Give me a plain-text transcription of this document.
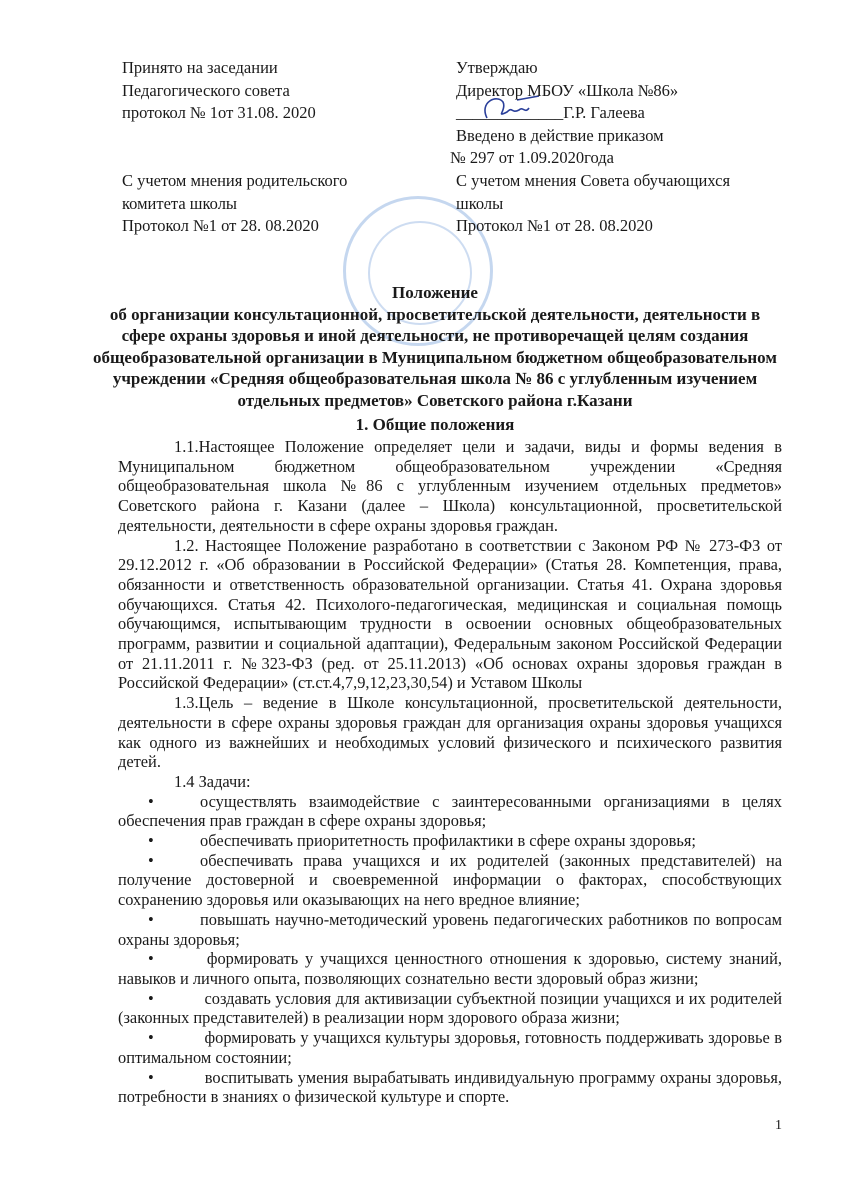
Принято на заседании
Педагогического совета
протокол № 1от 31.08. 2020
Утверждаю
Директор МБОУ «Школа №86»
_____________Г.Р. Галеева
Введено в действие приказом
№ 297 от 1.09.2020года
С учетом мнения родительского
комитета школы
Протокол №1 от 28. 08.2020
С учетом мнения Совета обучающихся
школы
Протокол №1 от 28. 08.2020
Положение
об организации консультационной, просветительской деятельности, деятельности в сфере охраны здоровья и иной деятельности, не противоречащей целям создания общеобразовательной организации в Муниципальном бюджетном общеобразовательном учреждении «Средняя общеобразовательная школа № 86 с углубленным изучением отдельных предметов» Советского района г.Казани
1. Общие положения

1.1.Настоящее Положение определяет цели и задачи, виды и формы ведения в Муниципальном бюджетном общеобразовательном учреждении «Средняя общеобразовательная школа №86 с углубленным изучением отдельных предметов» Советского района г. Казани (далее – Школа) консультационной, просветительской деятельности, деятельности в сфере охраны здоровья граждан.

1.2. Настоящее Положение разработано в соответствии с Законом РФ № 273-ФЗ от 29.12.2012 г. «Об образовании в Российской Федерации» (Статья 28. Компетенция, права, обязанности и ответственность образовательной организации. Статья 41. Охрана здоровья обучающихся. Статья 42. Психолого-педагогическая, медицинская и социальная помощь обучающимся, испытывающим трудности в освоении основных общеобразовательных программ, развитии и социальной адаптации), Федеральным законом Российской Федерации от 21.11.2011 г. №323-ФЗ (ред. от 25.11.2013) «Об основах охраны здоровья граждан в Российской Федерации» (ст.ст.4,7,9,12,23,30,54) и Уставом Школы

1.3.Цель – ведение в Школе консультационной, просветительской деятельности, деятельности в сфере охраны здоровья граждан для организация охраны здоровья учащихся как одного из важнейших и необходимых условий физического и психического развития детей.

1.4 Задачи:

•	осуществлять взаимодействие с заинтересованными организациями в целях обеспечения прав граждан в сфере охраны здоровья;

•	обеспечивать приоритетность профилактики в сфере охраны здоровья;

•	обеспечивать права учащихся и их родителей (законных представителей) на получение достоверной и своевременной информации о факторах, способствующих сохранению здоровья или оказывающих на него вредное влияние;

•	повышать научно-методический уровень педагогических работников по вопросам охраны здоровья;

•	формировать у учащихся ценностного отношения к здоровью, систему знаний, навыков и личного опыта, позволяющих сознательно вести здоровый образ жизни;

•	создавать условия для активизации субъектной позиции учащихся и их родителей (законных представителей) в реализации норм здорового образа жизни;

•	формировать у учащихся культуры здоровья, готовность поддерживать здоровье в оптимальном состоянии;

•	воспитывать умения вырабатывать индивидуальную программу охраны здоровья, потребности в знаниях о физической культуре и спорте.

1
